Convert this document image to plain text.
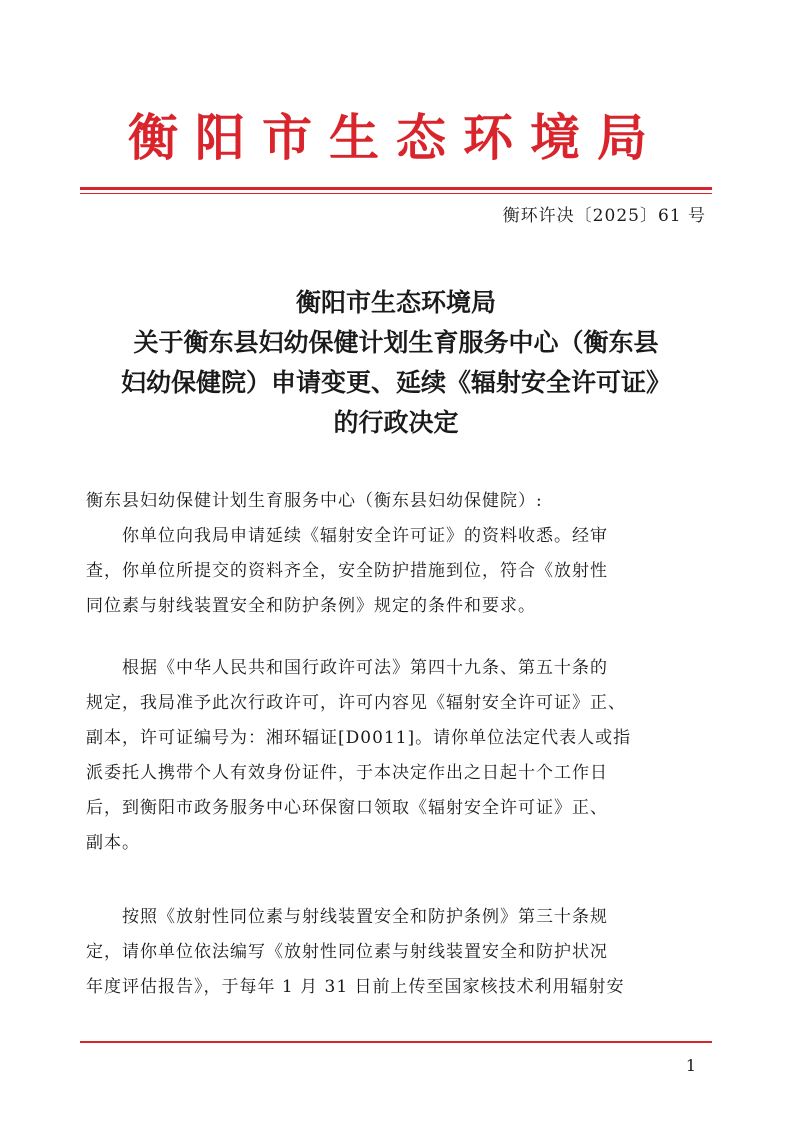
衡阳市生态环境局
衡环许决〔2025〕61 号
衡阳市生态环境局
关于衡东县妇幼保健计划生育服务中心（衡东县
妇幼保健院）申请变更、延续《辐射安全许可证》
的行政决定
衡东县妇幼保健计划生育服务中心（衡东县妇幼保健院）:
你单位向我局申请延续《辐射安全许可证》的资料收悉。经审
查，你单位所提交的资料齐全，安全防护措施到位，符合《放射性
同位素与射线装置安全和防护条例》规定的条件和要求。
根据《中华人民共和国行政许可法》第四十九条、第五十条的
规定，我局准予此次行政许可，许可内容见《辐射安全许可证》正、
副本，许可证编号为：湘环辐证[D0011]。请你单位法定代表人或指
派委托人携带个人有效身份证件，于本决定作出之日起十个工作日
后，到衡阳市政务服务中心环保窗口领取《辐射安全许可证》正、
副本。
按照《放射性同位素与射线装置安全和防护条例》第三十条规
定，请你单位依法编写《放射性同位素与射线装置安全和防护状况
年度评估报告》，于每年 1 月 31 日前上传至国家核技术利用辐射安
1
